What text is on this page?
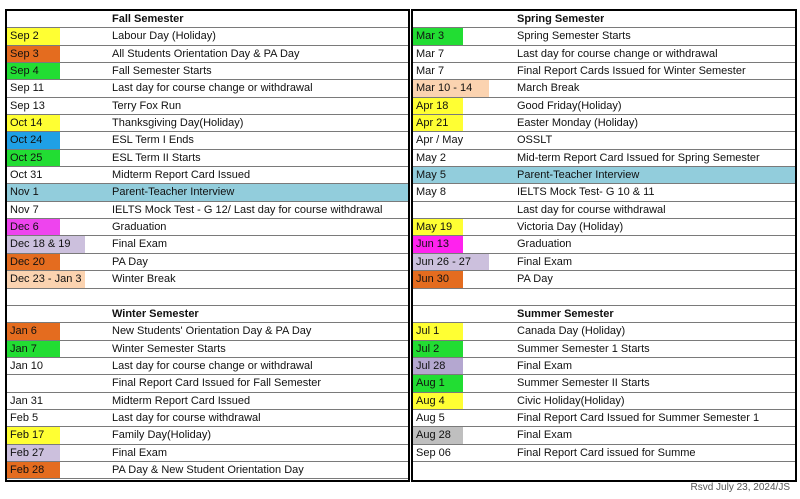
Fall Semester
Sep 2	Labour Day (Holiday)
Sep 3	All Students Orientation Day & PA Day
Sep 4	Fall Semester Starts
Sep 11	Last day for course change or withdrawal
Sep 13	Terry Fox Run
Oct 14	Thanksgiving Day(Holiday)
Oct 24	ESL Term I Ends
Oct 25	ESL Term II Starts
Oct 31	Midterm Report Card Issued
Nov 1	Parent-Teacher Interview
Nov 7	IELTS Mock Test - G 12/ Last day for course withdrawal
Dec 6	Graduation
Dec 18 & 19	Final Exam
Dec 20	PA Day
Dec 23 - Jan 3	Winter Break
Winter Semester
Jan 6	New Students' Orientation Day & PA Day
Jan 7	Winter Semester Starts
Jan 10	Last day for course change or withdrawal
Final Report Card Issued for Fall Semester
Jan 31	Midterm Report Card Issued
Feb 5	Last day for course withdrawal
Feb 17	Family Day(Holiday)
Feb 27	Final Exam
Feb 28	PA Day & New Student Orientation Day
Spring Semester
Mar 3	Spring Semester Starts
Mar 7	Last day for course change or withdrawal
Mar 7	Final Report Cards Issued for Winter Semester
Mar 10 - 14	March Break
Apr 18	Good Friday(Holiday)
Apr 21	Easter Monday (Holiday)
Apr / May	OSSLT
May 2	Mid-term Report Card Issued for Spring Semester
May 5	Parent-Teacher Interview
May 8	IELTS Mock Test- G 10 & 11
Last day for course withdrawal
May 19	Victoria Day (Holiday)
Jun 13	Graduation
Jun 26 - 27	Final Exam
Jun 30	PA Day
Summer Semester
Jul 1	Canada Day (Holiday)
Jul 2	Summer Semester 1 Starts
Jul 28	Final Exam
Aug 1	Summer Semester II Starts
Aug 4	Civic Holiday(Holiday)
Aug 5	Final Report Card Issued for Summer Semester 1
Aug 28	Final Exam
Sep 06	Final Report Card issued for Summe
Rsvd July 23, 2024/JS
